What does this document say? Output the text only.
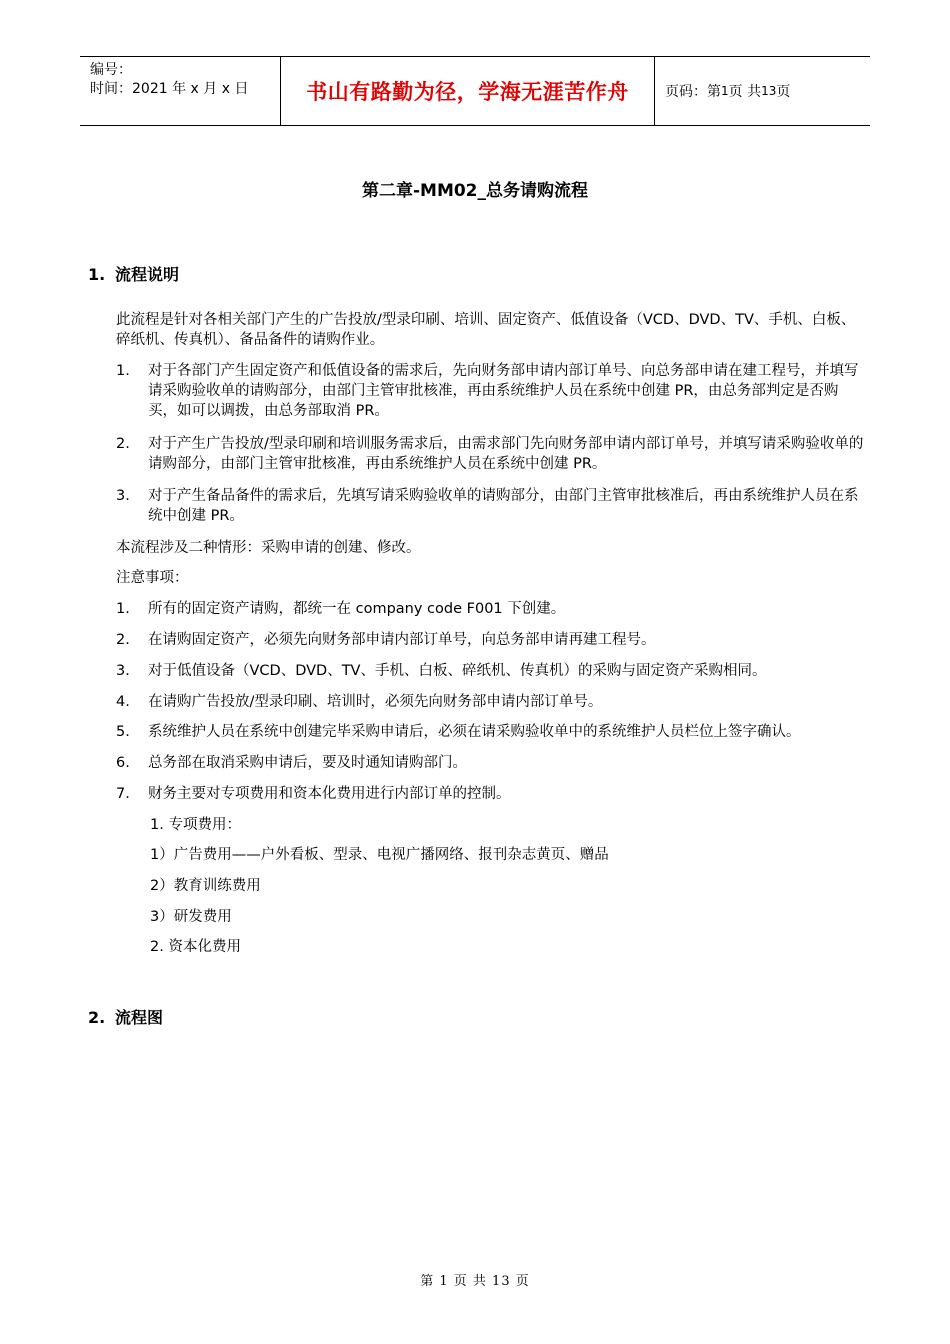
编号：
时间：2021 年 x 月 x 日	书山有路勤为径，学海无涯苦作舟	页码：第 1 页 共 13 页
第二章-MM02_总务请购流程
1. 流程说明
此流程是针对各相关部门产生的广告投放/型录印刷、培训、固定资产、低值设备（VCD、DVD、TV、手机、白板、碎纸机、传真机）、备品备件的请购作业。
1.	对于各部门产生固定资产和低值设备的需求后，先向财务部申请内部订单号、向总务部申请在建工程号，并填写请采购验收单的请购部分，由部门主管审批核准，再由系统维护人员在系统中创建 PR，由总务部判定是否购买，如可以调拨，由总务部取消 PR。
2.	对于产生广告投放/型录印刷和培训服务需求后，由需求部门先向财务部申请内部订单号，并填写请采购验收单的请购部分，由部门主管审批核准，再由系统维护人员在系统中创建 PR。
3.	对于产生备品备件的需求后，先填写请采购验收单的请购部分，由部门主管审批核准后，再由系统维护人员在系统中创建 PR。
本流程涉及二种情形：采购申请的创建、修改。
注意事项：
1.	所有的固定资产请购，都统一在 company code F001 下创建。
2.	在请购固定资产，必须先向财务部申请内部订单号，向总务部申请再建工程号。
3.	对于低值设备（VCD、DVD、TV、手机、白板、碎纸机、传真机）的采购与固定资产采购相同。
4.	在请购广告投放/型录印刷、培训时，必须先向财务部申请内部订单号。
5.	系统维护人员在系统中创建完毕采购申请后，必须在请采购验收单中的系统维护人员栏位上签字确认。
6.	总务部在取消采购申请后，要及时通知请购部门。
7.	财务主要对专项费用和资本化费用进行内部订单的控制。
1. 专项费用：
1）广告费用——户外看板、型录、电视广播网络、报刊杂志黄页、赠品
2）教育训练费用
3）研发费用
2. 资本化费用
2. 流程图
第 1 页 共 13 页
